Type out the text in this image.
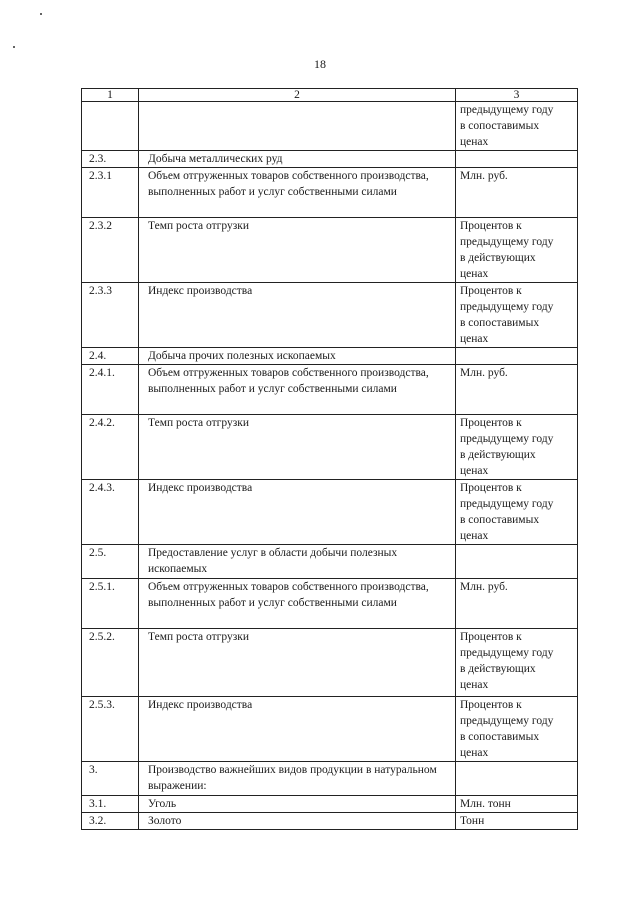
18
1	2	3
		предыдущему году
в сопоставимых
ценах
2.3.	Добыча металлических руд	
2.3.1	Объем отгруженных товаров собственного производства, выполненных работ и услуг собственными силами	Млн. руб.
2.3.2	Темп роста отгрузки	Процентов к
предыдущему году
в действующих
ценах
2.3.3	Индекс производства	Процентов к
предыдущему году
в сопоставимых
ценах
2.4.	Добыча прочих полезных ископаемых	
2.4.1.	Объем отгруженных товаров собственного производства, выполненных работ и услуг собственными силами	Млн. руб.
2.4.2.	Темп роста отгрузки	Процентов к
предыдущему году
в действующих
ценах
2.4.3.	Индекс производства	Процентов к
предыдущему году
в сопоставимых
ценах
2.5.	Предоставление услуг в области добычи полезных ископаемых	
2.5.1.	Объем отгруженных товаров собственного производства, выполненных работ и услуг собственными силами	Млн. руб.
2.5.2.	Темп роста отгрузки	Процентов к
предыдущему году
в действующих
ценах
2.5.3.	Индекс производства	Процентов к
предыдущему году
в сопоставимых
ценах
3.	Производство важнейших видов продукции в натуральном выражении:	
3.1.	Уголь	Млн. тонн
3.2.	Золото	Тонн
